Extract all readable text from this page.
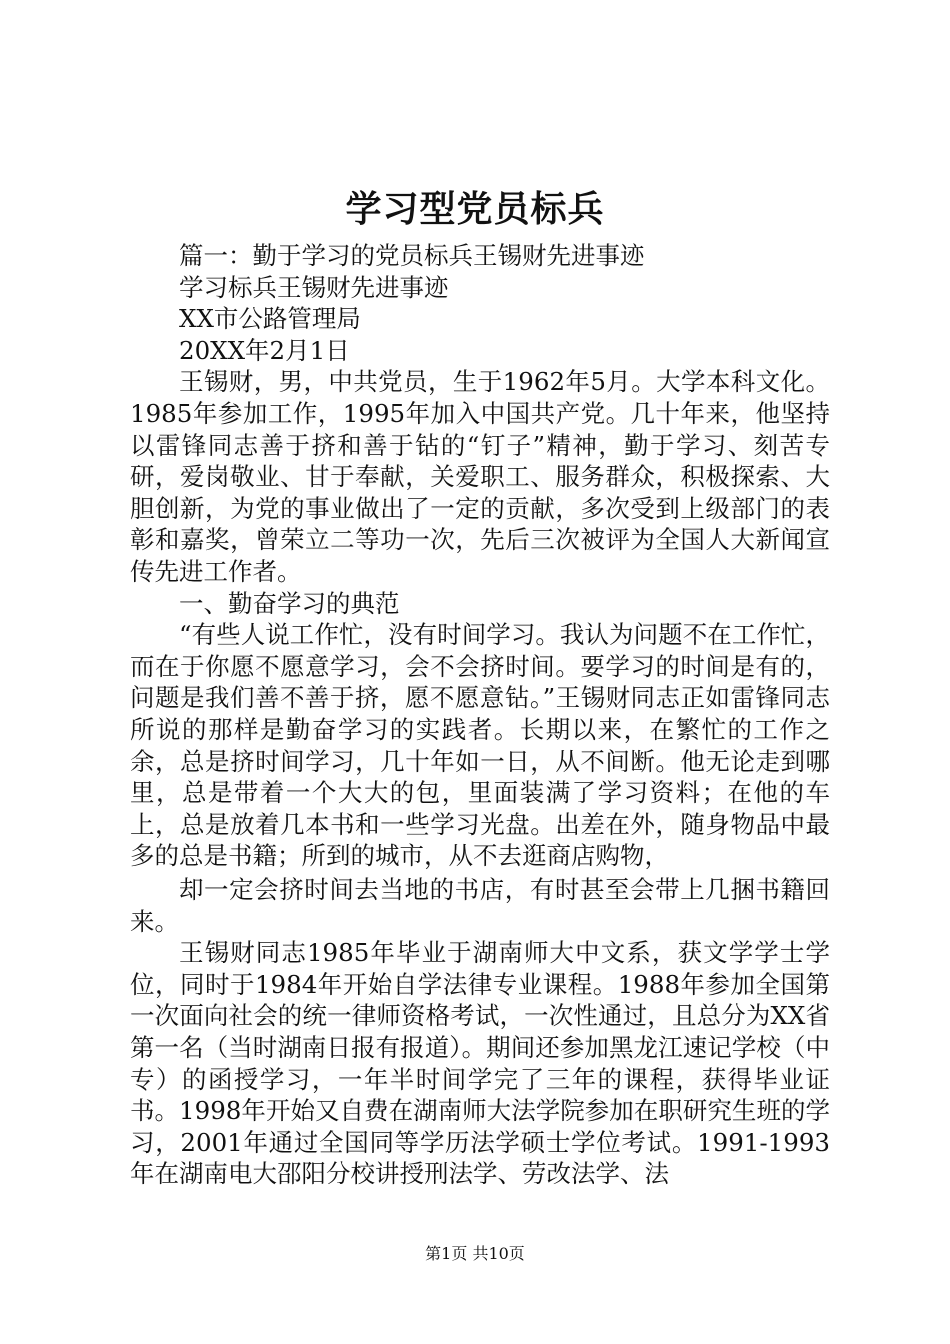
学习型党员标兵

篇一：勤于学习的党员标兵王锡财先进事迹

学习标兵王锡财先进事迹

XX市公路管理局

20XX年2月1日

王锡财，男，中共党员，生于1962年5月。大学本科文化。1985年参加工作，1995年加入中国共产党。几十年来，他坚持以雷锋同志善于挤和善于钻的“钉子”精神，勤于学习、刻苦专研，爱岗敬业、甘于奉献，关爱职工、服务群众，积极探索、大胆创新，为党的事业做出了一定的贡献，多次受到上级部门的表彰和嘉奖，曾荣立二等功一次，先后三次被评为全国人大新闻宣传先进工作者。

一、勤奋学习的典范

“有些人说工作忙，没有时间学习。我认为问题不在工作忙，而在于你愿不愿意学习，会不会挤时间。要学习的时间是有的，问题是我们善不善于挤，愿不愿意钻。”王锡财同志正如雷锋同志所说的那样是勤奋学习的实践者。长期以来，在繁忙的工作之余，总是挤时间学习，几十年如一日，从不间断。他无论走到哪里，总是带着一个大大的包，里面装满了学习资料；在他的车上，总是放着几本书和一些学习光盘。出差在外，随身物品中最多的总是书籍；所到的城市，从不去逛商店购物，

却一定会挤时间去当地的书店，有时甚至会带上几捆书籍回来。

王锡财同志1985年毕业于湖南师大中文系，获文学学士学位，同时于1984年开始自学法律专业课程。1988年参加全国第一次面向社会的统一律师资格考试，一次性通过，且总分为XX省第一名（当时湖南日报有报道）。期间还参加黑龙江速记学校（中专）的函授学习，一年半时间学完了三年的课程，获得毕业证书。1998年开始又自费在湖南师大法学院参加在职研究生班的学习，2001年通过全国同等学历法学硕士学位考试。1991-1993年在湖南电大邵阳分校讲授刑法学、劳改法学、法

第1页 共10页
